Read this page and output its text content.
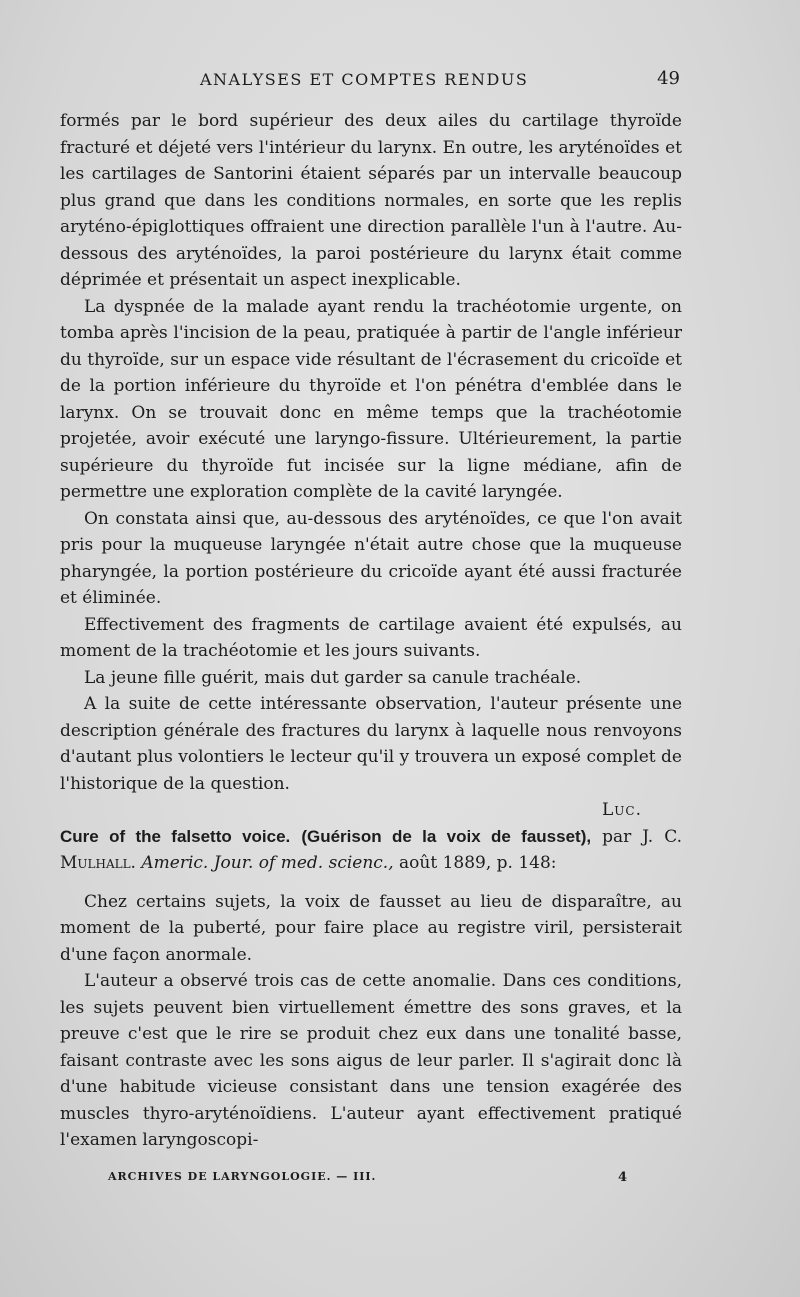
ANALYSES ET COMPTES RENDUS	49

formés par le bord supérieur des deux ailes du cartilage thyroïde fracturé et déjeté vers l'intérieur du larynx. En outre, les aryténoïdes et les cartilages de Santorini étaient séparés par un intervalle beaucoup plus grand que dans les conditions normales, en sorte que les replis aryténo-épiglottiques offraient une direction parallèle l'un à l'autre. Au-dessous des aryténoïdes, la paroi postérieure du larynx était comme déprimée et présentait un aspect inexplicable.

La dyspnée de la malade ayant rendu la trachéotomie urgente, on tomba après l'incision de la peau, pratiquée à partir de l'angle inférieur du thyroïde, sur un espace vide résultant de l'écrasement du cricoïde et de la portion inférieure du thyroïde et l'on pénétra d'emblée dans le larynx. On se trouvait donc en même temps que la trachéotomie projetée, avoir exécuté une laryngo-fissure. Ultérieurement, la partie supérieure du thyroïde fut incisée sur la ligne médiane, afin de permettre une exploration complète de la cavité laryngée.

On constata ainsi que, au-dessous des aryténoïdes, ce que l'on avait pris pour la muqueuse laryngée n'était autre chose que la muqueuse pharyngée, la portion postérieure du cricoïde ayant été aussi fracturée et éliminée.

Effectivement des fragments de cartilage avaient été expulsés, au moment de la trachéotomie et les jours suivants.

La jeune fille guérit, mais dut garder sa canule trachéale.

A la suite de cette intéressante observation, l'auteur présente une description générale des fractures du larynx à laquelle nous renvoyons d'autant plus volontiers le lecteur qu'il y trouvera un exposé complet de l'historique de la question.

Luc.

Cure of the falsetto voice. (Guérison de la voix de fausset), par J. C. Mulhall. Americ. Jour. of med. scienc., août 1889, p. 148:

Chez certains sujets, la voix de fausset au lieu de disparaître, au moment de la puberté, pour faire place au registre viril, persisterait d'une façon anormale.

L'auteur a observé trois cas de cette anomalie. Dans ces conditions, les sujets peuvent bien virtuellement émettre des sons graves, et la preuve c'est que le rire se produit chez eux dans une tonalité basse, faisant contraste avec les sons aigus de leur parler. Il s'agirait donc là d'une habitude vicieuse consistant dans une tension exagérée des muscles thyro-aryténoïdiens. L'auteur ayant effectivement pratiqué l'examen laryngoscopi-

ARCHIVES DE LARYNGOLOGIE. — III.	4
